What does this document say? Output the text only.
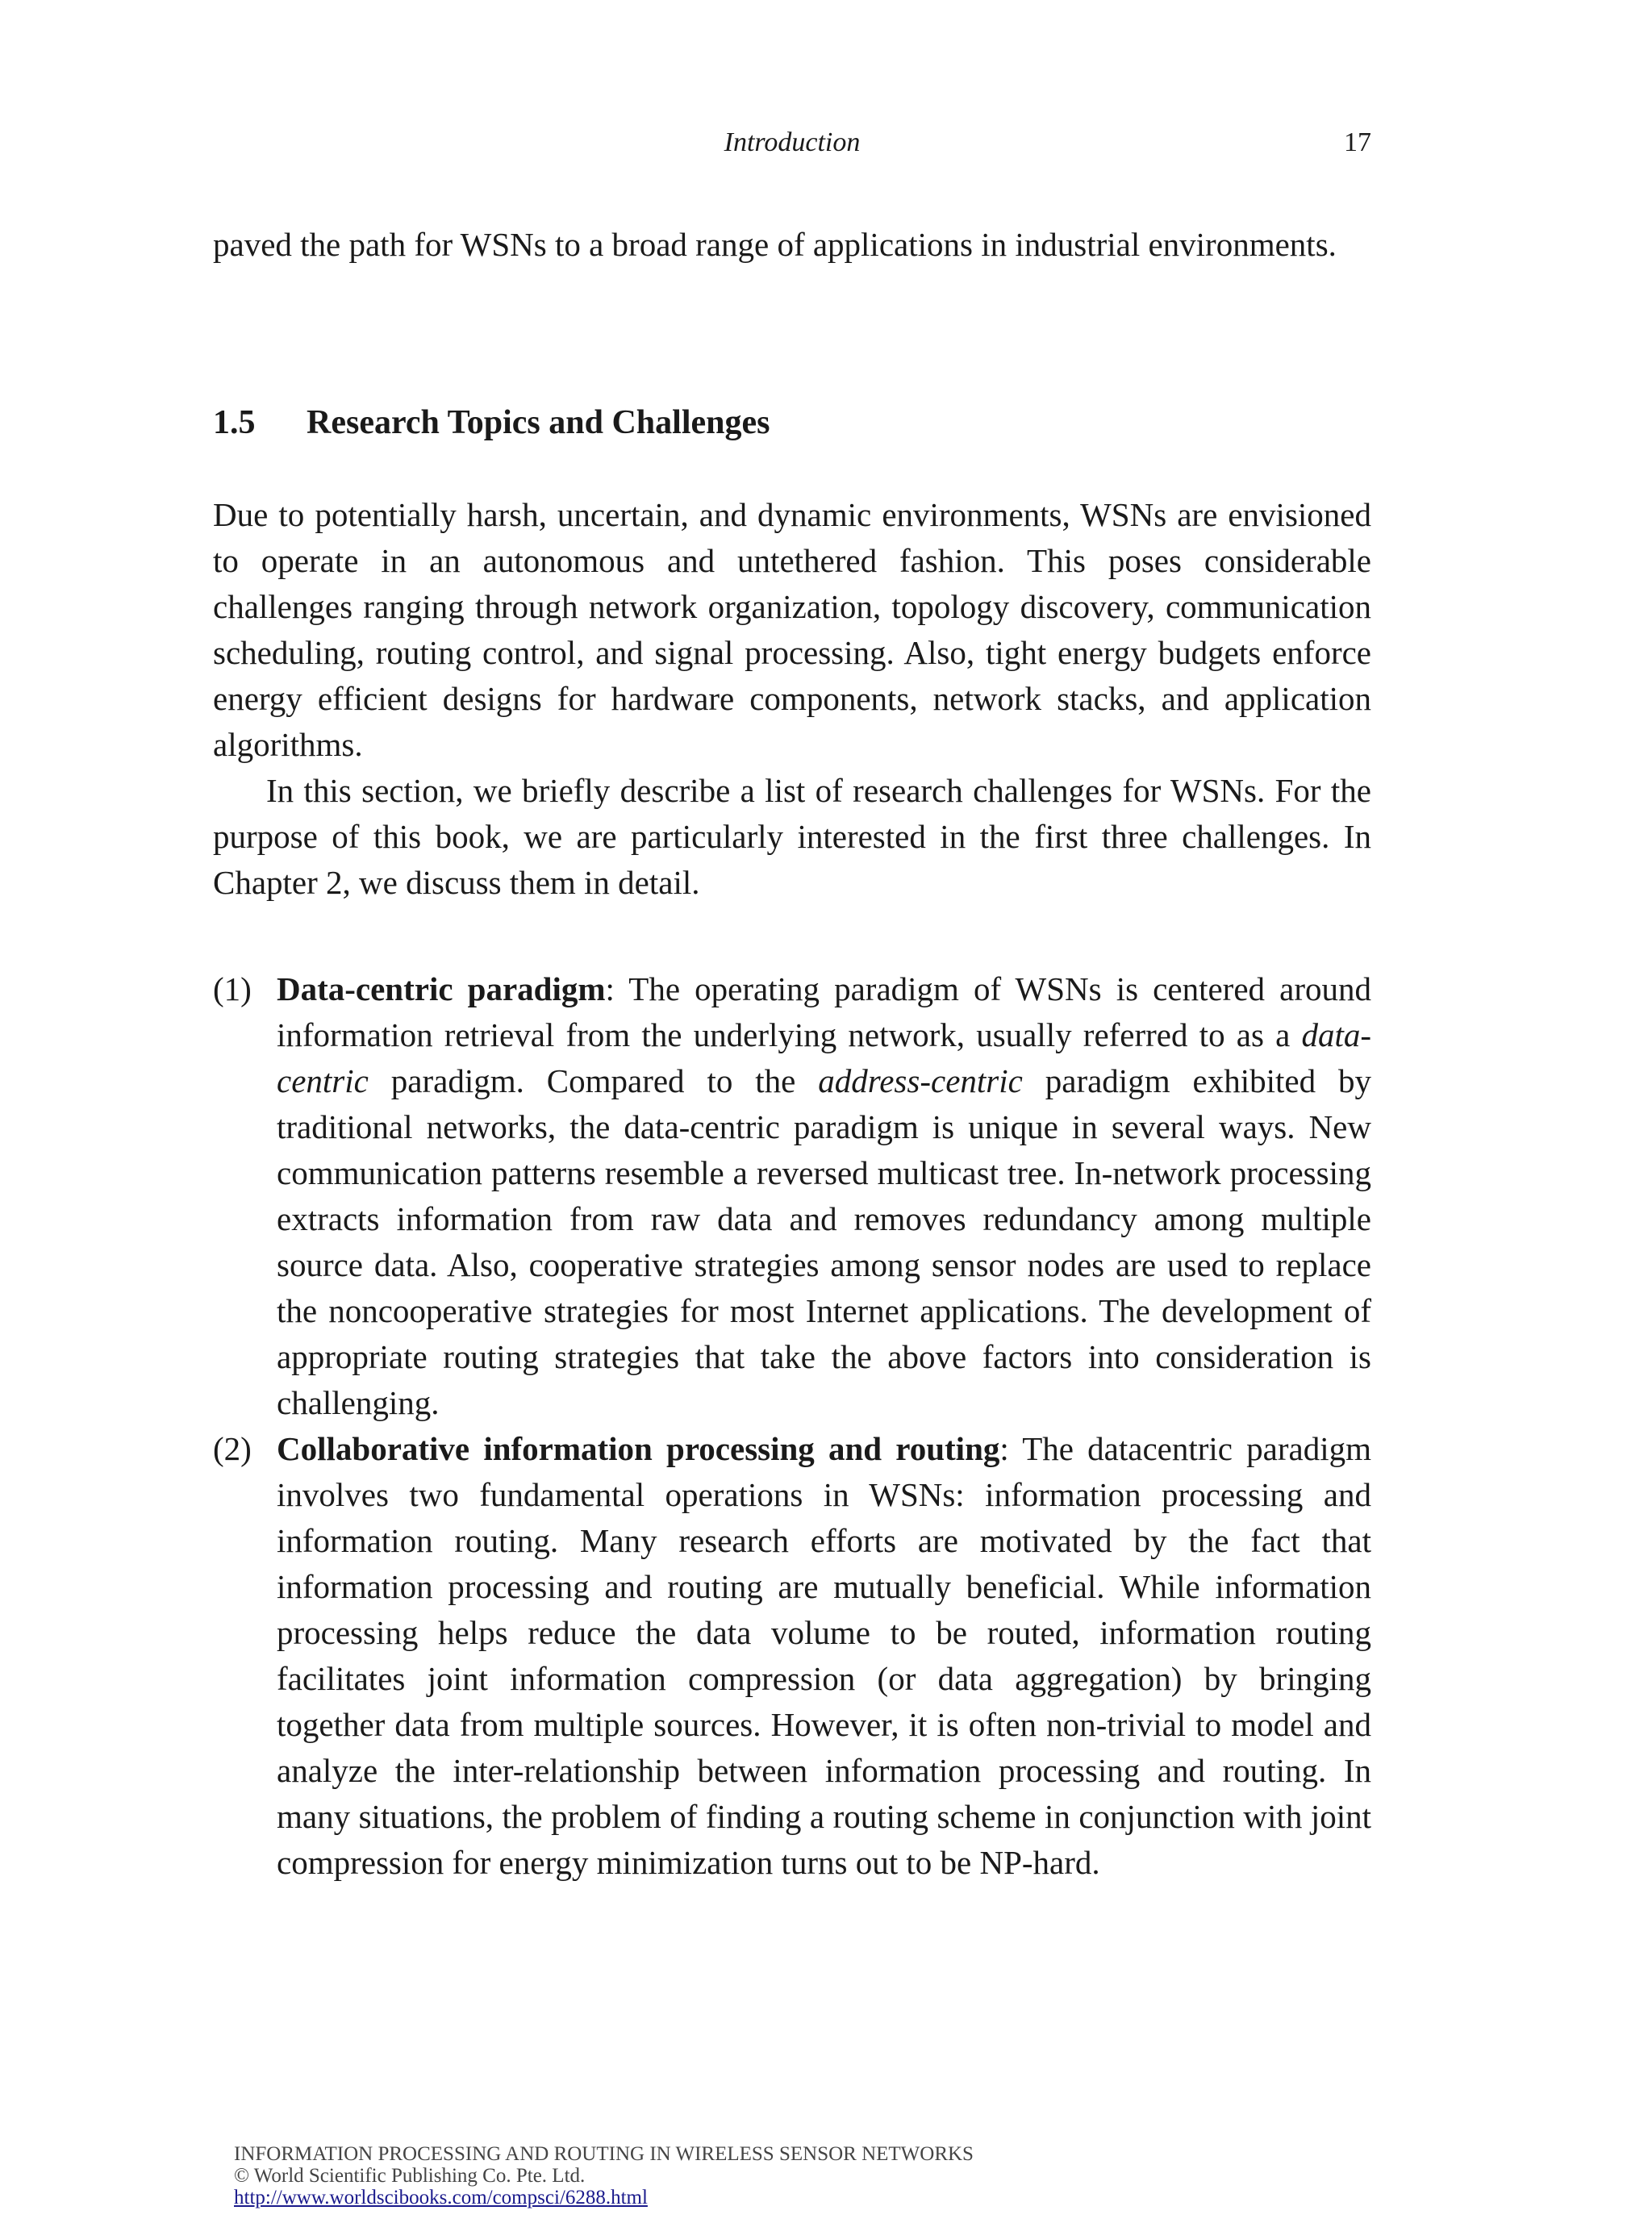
Introduction	17

paved the path for WSNs to a broad range of applications in industrial environments.

1.5 Research Topics and Challenges

Due to potentially harsh, uncertain, and dynamic environments, WSNs are envisioned to operate in an autonomous and untethered fashion. This poses considerable challenges ranging through network organization, topology discovery, communication scheduling, routing control, and signal processing. Also, tight energy budgets enforce energy efficient designs for hardware components, network stacks, and application algorithms.

In this section, we briefly describe a list of research challenges for WSNs. For the purpose of this book, we are particularly interested in the first three challenges. In Chapter 2, we discuss them in detail.

(1) Data-centric paradigm: The operating paradigm of WSNs is centered around information retrieval from the underlying network, usually referred to as a data-centric paradigm. Compared to the address-centric paradigm exhibited by traditional networks, the data-centric paradigm is unique in several ways. New communication patterns resemble a reversed multicast tree. In-network processing extracts information from raw data and removes redundancy among multiple source data. Also, cooperative strategies among sensor nodes are used to replace the noncooperative strategies for most Internet applications. The development of appropriate routing strategies that take the above factors into consideration is challenging.
(2) Collaborative information processing and routing: The datacentric paradigm involves two fundamental operations in WSNs: information processing and information routing. Many research efforts are motivated by the fact that information processing and routing are mutually beneficial. While information processing helps reduce the data volume to be routed, information routing facilitates joint information compression (or data aggregation) by bringing together data from multiple sources. However, it is often non-trivial to model and analyze the inter-relationship between information processing and routing. In many situations, the problem of finding a routing scheme in conjunction with joint compression for energy minimization turns out to be NP-hard.
INFORMATION PROCESSING AND ROUTING IN WIRELESS SENSOR NETWORKS
© World Scientific Publishing Co. Pte. Ltd.
http://www.worldscibooks.com/compsci/6288.html
